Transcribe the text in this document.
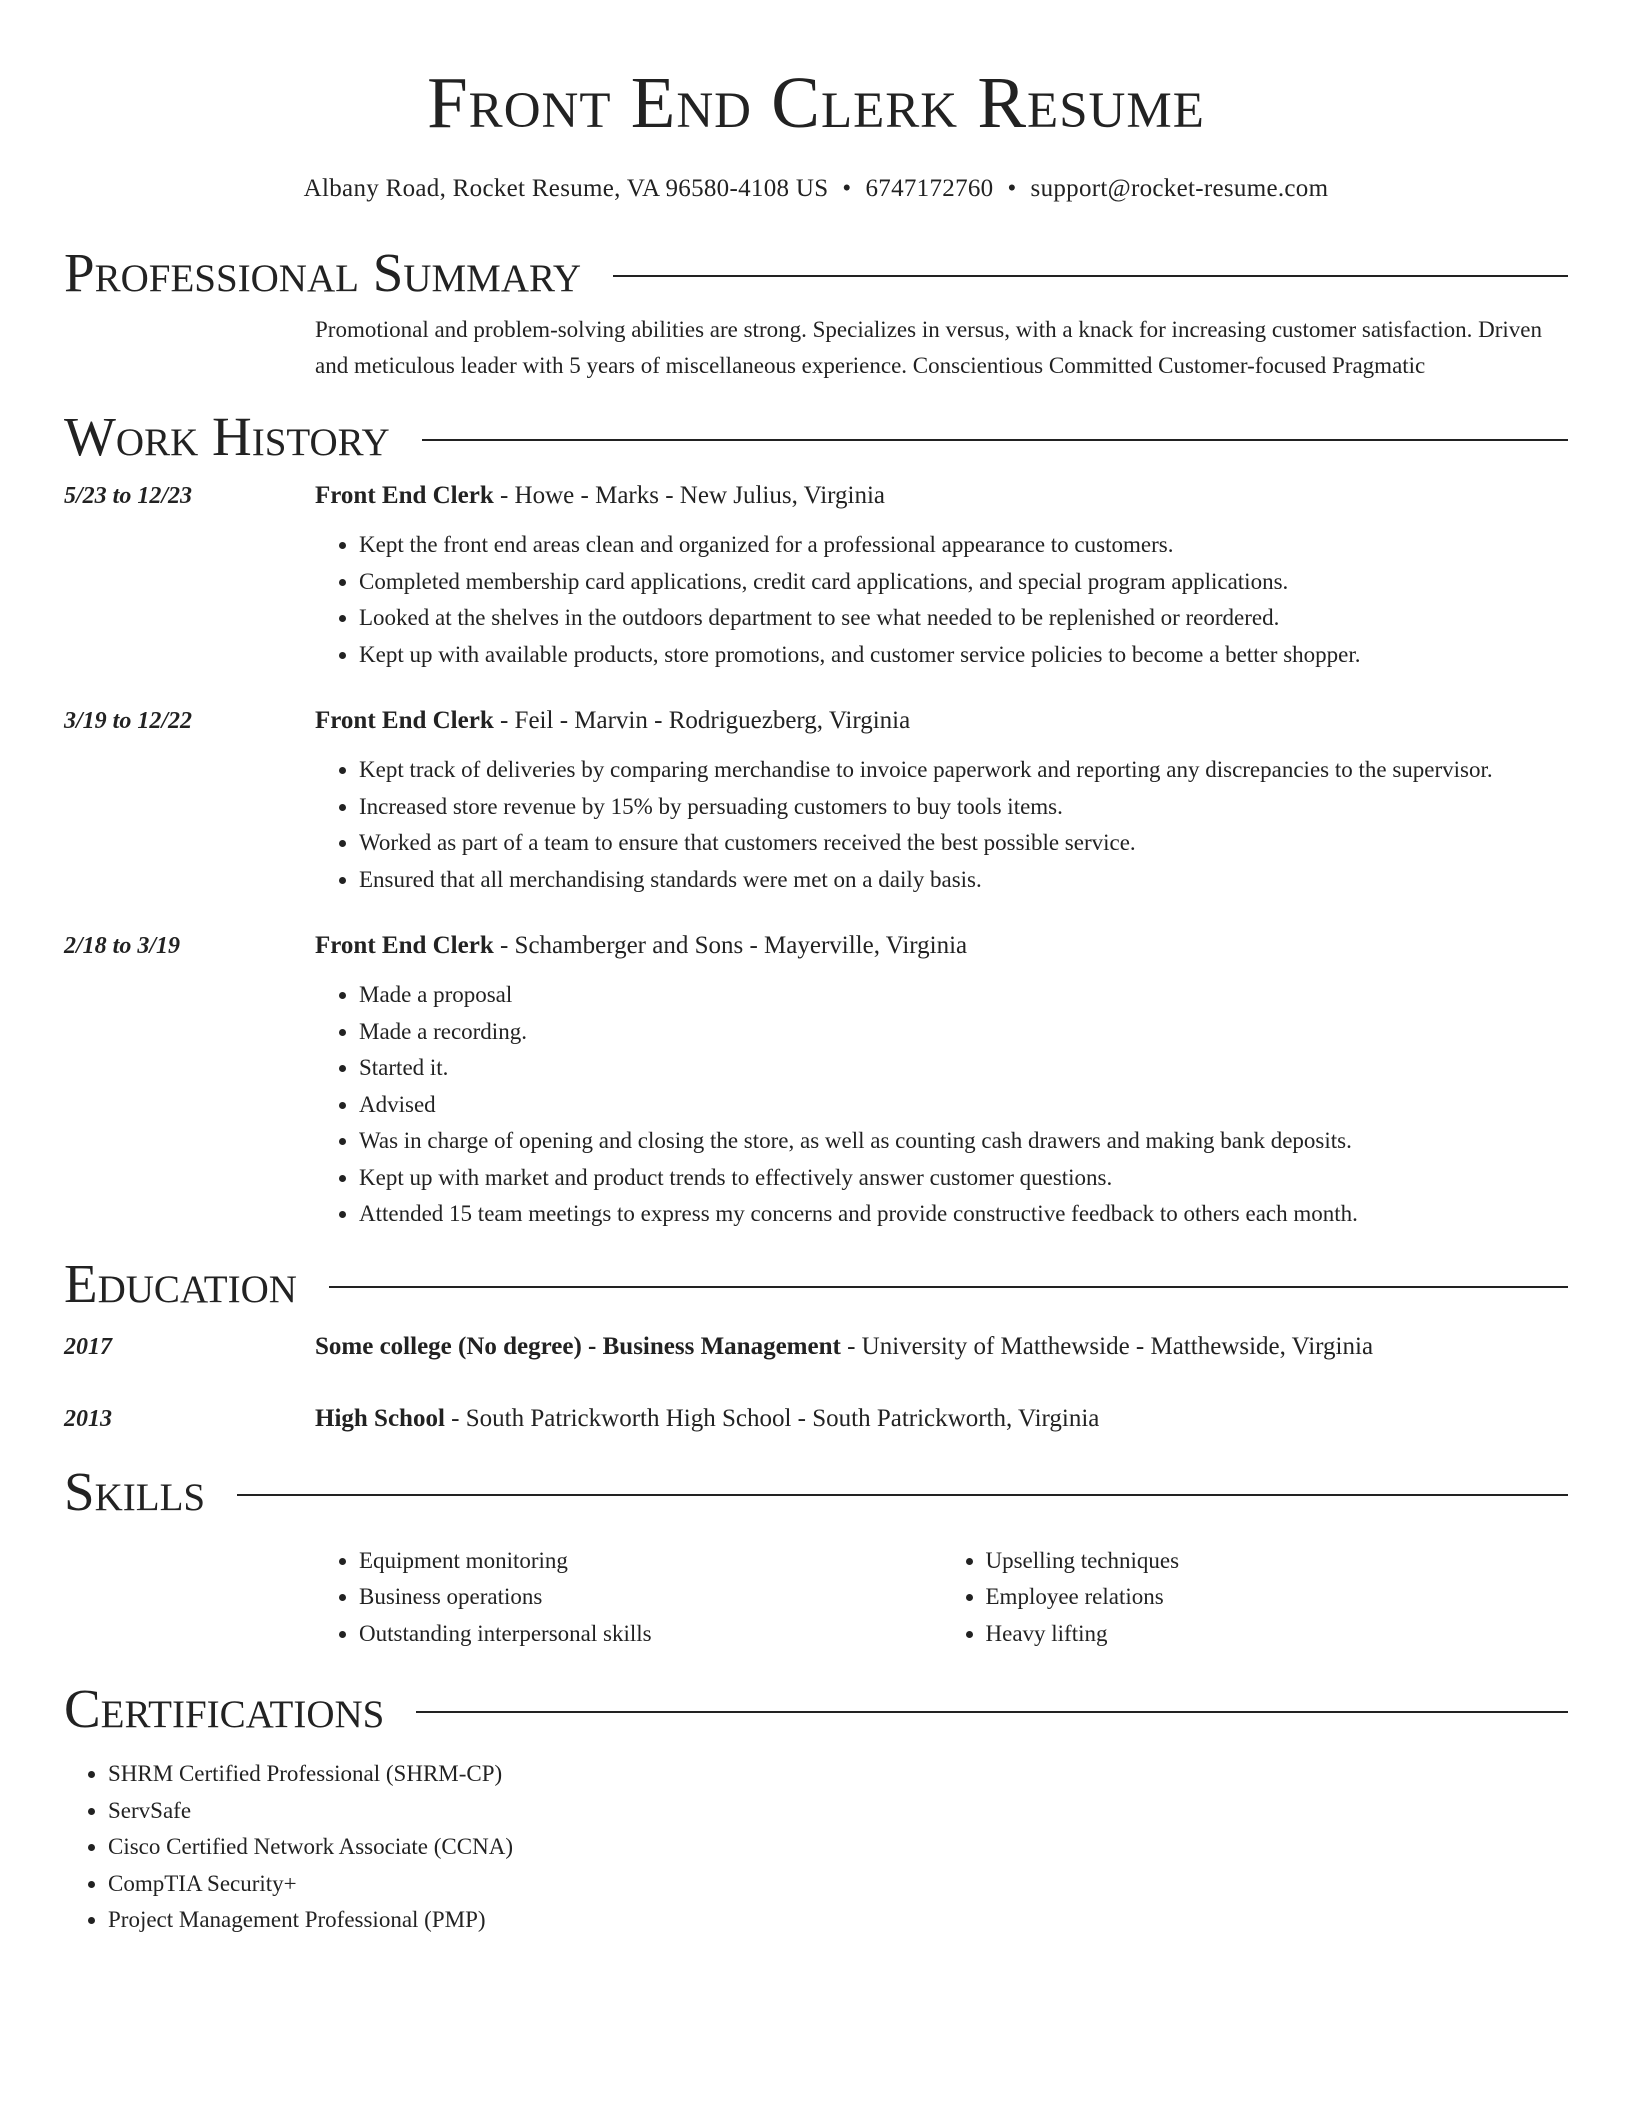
Front End Clerk Resume
Albany Road, Rocket Resume, VA 96580-4108 US • 6747172760 • support@rocket-resume.com
Professional Summary
Promotional and problem-solving abilities are strong. Specializes in versus, with a knack for increasing customer satisfaction. Driven and meticulous leader with 5 years of miscellaneous experience. Conscientious Committed Customer-focused Pragmatic
Work History
5/23 to 12/23	Front End Clerk - Howe - Marks - New Julius, Virginia
• Kept the front end areas clean and organized for a professional appearance to customers.
• Completed membership card applications, credit card applications, and special program applications.
• Looked at the shelves in the outdoors department to see what needed to be replenished or reordered.
• Kept up with available products, store promotions, and customer service policies to become a better shopper.
3/19 to 12/22	Front End Clerk - Feil - Marvin - Rodriguezberg, Virginia
• Kept track of deliveries by comparing merchandise to invoice paperwork and reporting any discrepancies to the supervisor.
• Increased store revenue by 15% by persuading customers to buy tools items.
• Worked as part of a team to ensure that customers received the best possible service.
• Ensured that all merchandising standards were met on a daily basis.
2/18 to 3/19	Front End Clerk - Schamberger and Sons - Mayerville, Virginia
• Made a proposal
• Made a recording.
• Started it.
• Advised
• Was in charge of opening and closing the store, as well as counting cash drawers and making bank deposits.
• Kept up with market and product trends to effectively answer customer questions.
• Attended 15 team meetings to express my concerns and provide constructive feedback to others each month.
Education
2017	Some college (No degree) - Business Management - University of Matthewside - Matthewside, Virginia
2013	High School - South Patrickworth High School - South Patrickworth, Virginia
Skills
• Equipment monitoring
• Business operations
• Outstanding interpersonal skills
• Upselling techniques
• Employee relations
• Heavy lifting
Certifications
• SHRM Certified Professional (SHRM-CP)
• ServSafe
• Cisco Certified Network Associate (CCNA)
• CompTIA Security+
• Project Management Professional (PMP)
